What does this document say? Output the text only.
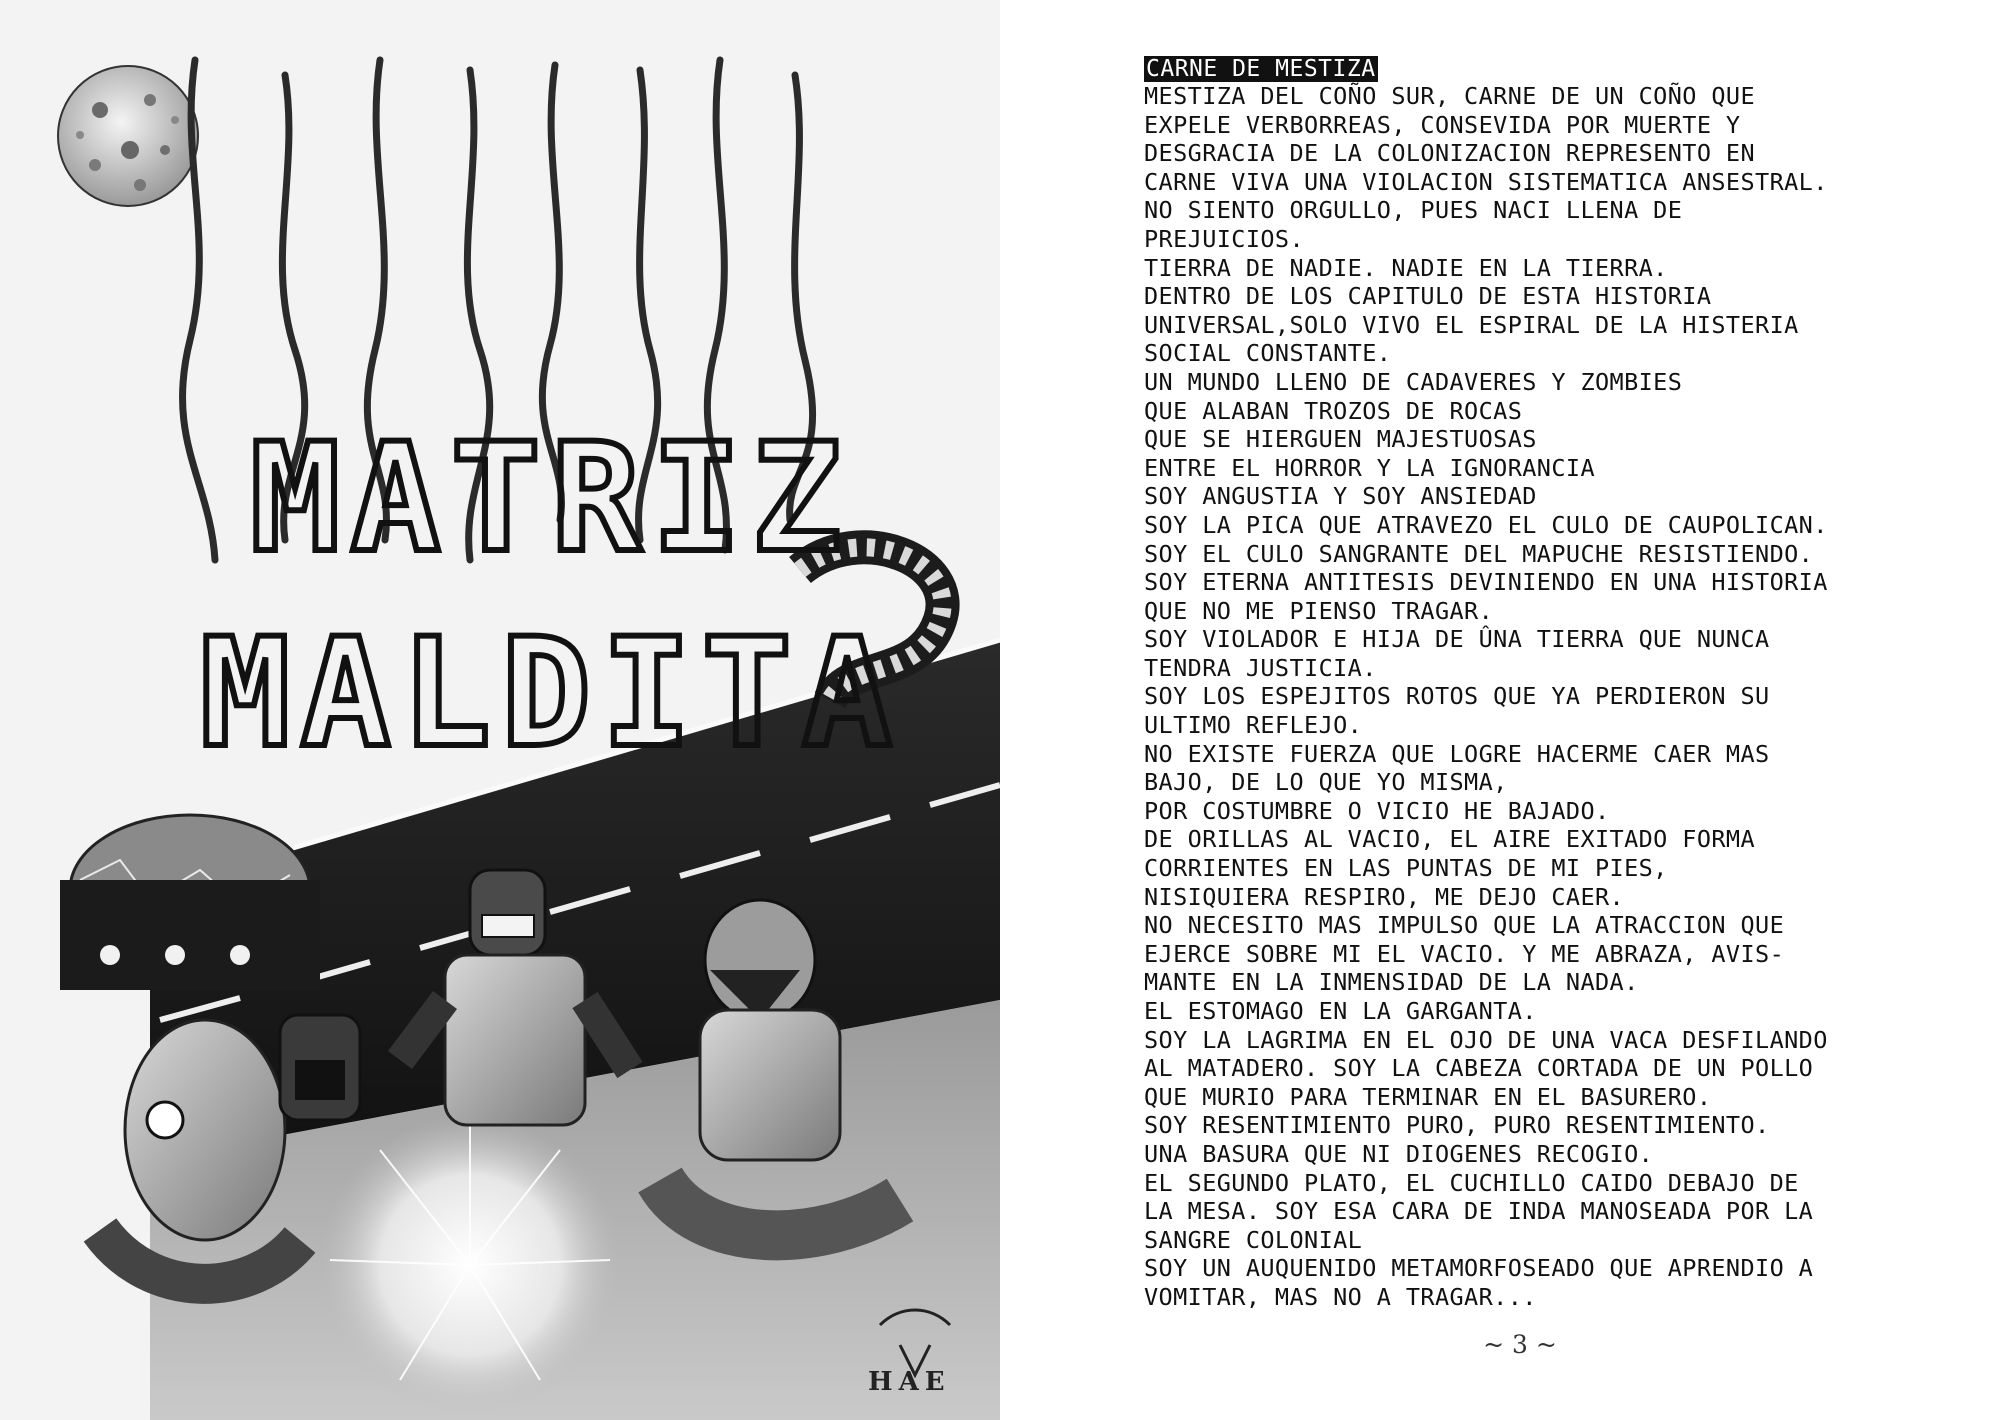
MATRIZ
MALDITA
HAE
CARNE DE MESTIZA
MESTIZA DEL COÑO SUR, CARNE DE UN COÑO QUE
EXPELE VERBORREAS, CONSEVIDA POR MUERTE Y
DESGRACIA DE LA COLONIZACION REPRESENTO EN
CARNE VIVA UNA VIOLACION SISTEMATICA ANSESTRAL.
NO SIENTO ORGULLO, PUES NACI LLENA DE
PREJUICIOS.
TIERRA DE NADIE. NADIE EN LA TIERRA.
DENTRO DE LOS CAPITULO DE ESTA HISTORIA
UNIVERSAL,SOLO VIVO EL ESPIRAL DE LA HISTERIA
SOCIAL CONSTANTE.
UN MUNDO LLENO DE CADAVERES Y ZOMBIES
QUE ALABAN TROZOS DE ROCAS
QUE SE HIERGUEN MAJESTUOSAS
ENTRE EL HORROR Y LA IGNORANCIA
SOY ANGUSTIA Y SOY ANSIEDAD
SOY LA PICA QUE ATRAVEZO EL CULO DE CAUPOLICAN.
SOY EL CULO SANGRANTE DEL MAPUCHE RESISTIENDO.
SOY ETERNA ANTITESIS DEVINIENDO EN UNA HISTORIA
QUE NO ME PIENSO TRAGAR.
SOY VIOLADOR E HIJA DE ÛNA TIERRA QUE NUNCA
TENDRA JUSTICIA.
SOY LOS ESPEJITOS ROTOS QUE YA PERDIERON SU
ULTIMO REFLEJO.
NO EXISTE FUERZA QUE LOGRE HACERME CAER MAS
BAJO, DE LO QUE YO MISMA,
POR COSTUMBRE O VICIO HE BAJADO.
DE ORILLAS AL VACIO, EL AIRE EXITADO FORMA
CORRIENTES EN LAS PUNTAS DE MI PIES,
NISIQUIERA RESPIRO, ME DEJO CAER.
NO NECESITO MAS IMPULSO QUE LA ATRACCION QUE
EJERCE SOBRE MI EL VACIO. Y ME ABRAZA, AVIS-
MANTE EN LA INMENSIDAD DE LA NADA.
EL ESTOMAGO EN LA GARGANTA.
SOY LA LAGRIMA EN EL OJO DE UNA VACA DESFILANDO
AL MATADERO. SOY LA CABEZA CORTADA DE UN POLLO
QUE MURIO PARA TERMINAR EN EL BASURERO.
SOY RESENTIMIENTO PURO, PURO RESENTIMIENTO.
UNA BASURA QUE NI DIOGENES RECOGIO.
EL SEGUNDO PLATO, EL CUCHILLO CAIDO DEBAJO DE
LA MESA. SOY ESA CARA DE INDA MANOSEADA POR LA
SANGRE COLONIAL
SOY UN AUQUENIDO METAMORFOSEADO QUE APRENDIO A
VOMITAR, MAS NO A TRAGAR...
~ 3 ~
